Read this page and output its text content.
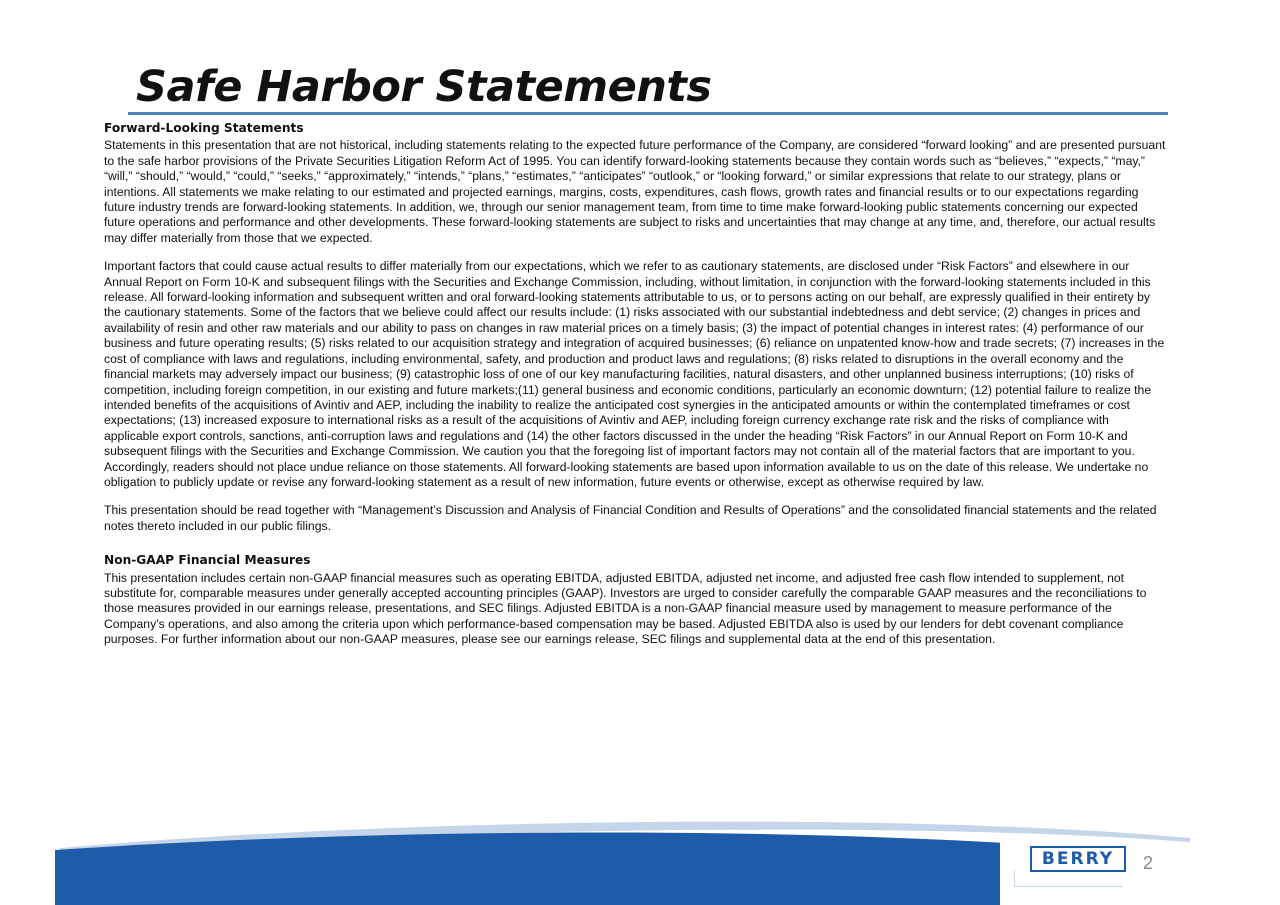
Safe Harbor Statements
Forward-Looking Statements

Statements in this presentation that are not historical, including statements relating to the expected future performance of the Company, are considered “forward looking” and are presented pursuant to the safe harbor provisions of the Private Securities Litigation Reform Act of 1995. You can identify forward-looking statements because they contain words such as “believes,” “expects,” “may,” “will,” “should,” “would,” “could,” “seeks,” “approximately,” “intends,” “plans,” “estimates,” “anticipates” “outlook,” or “looking forward,” or similar expressions that relate to our strategy, plans or intentions. All statements we make relating to our estimated and projected earnings, margins, costs, expenditures, cash flows, growth rates and financial results or to our expectations regarding future industry trends are forward-looking statements. In addition, we, through our senior management team, from time to time make forward-looking public statements concerning our expected future operations and performance and other developments. These forward-looking statements are subject to risks and uncertainties that may change at any time, and, therefore, our actual results may differ materially from those that we expected.

Important factors that could cause actual results to differ materially from our expectations, which we refer to as cautionary statements, are disclosed under “Risk Factors” and elsewhere in our Annual Report on Form 10-K and subsequent filings with the Securities and Exchange Commission, including, without limitation, in conjunction with the forward-looking statements included in this release. All forward-looking information and subsequent written and oral forward-looking statements attributable to us, or to persons acting on our behalf, are expressly qualified in their entirety by the cautionary statements. Some of the factors that we believe could affect our results include: (1) risks associated with our substantial indebtedness and debt service; (2) changes in prices and availability of resin and other raw materials and our ability to pass on changes in raw material prices on a timely basis; (3) the impact of potential changes in interest rates: (4) performance of our business and future operating results; (5) risks related to our acquisition strategy and integration of acquired businesses; (6) reliance on unpatented know-how and trade secrets; (7) increases in the cost of compliance with laws and regulations, including environmental, safety, and production and product laws and regulations; (8) risks related to disruptions in the overall economy and the financial markets may adversely impact our business; (9) catastrophic loss of one of our key manufacturing facilities, natural disasters, and other unplanned business interruptions; (10) risks of competition, including foreign competition, in our existing and future markets;(11) general business and economic conditions, particularly an economic downturn; (12) potential failure to realize the intended benefits of the acquisitions of Avintiv and AEP, including the inability to realize the anticipated cost synergies in the anticipated amounts or within the contemplated timeframes or cost expectations; (13) increased exposure to international risks as a result of the acquisitions of Avintiv and AEP, including foreign currency exchange rate risk and the risks of compliance with applicable export controls, sanctions, anti-corruption laws and regulations and (14) the other factors discussed in the under the heading “Risk Factors” in our Annual Report on Form 10-K and subsequent filings with the Securities and Exchange Commission. We caution you that the foregoing list of important factors may not contain all of the material factors that are important to you. Accordingly, readers should not place undue reliance on those statements. All forward-looking statements are based upon information available to us on the date of this release. We undertake no obligation to publicly update or revise any forward-looking statement as a result of new information, future events or otherwise, except as otherwise required by law.

This presentation should be read together with “Management’s Discussion and Analysis of Financial Condition and Results of Operations” and the consolidated financial statements and the related notes thereto included in our public filings.

Non-GAAP Financial Measures

This presentation includes certain non-GAAP financial measures such as operating EBITDA, adjusted EBITDA, adjusted net income, and adjusted free cash flow intended to supplement, not substitute for, comparable measures under generally accepted accounting principles (GAAP). Investors are urged to consider carefully the comparable GAAP measures and the reconciliations to those measures provided in our earnings release, presentations, and SEC filings. Adjusted EBITDA is a non-GAAP financial measure used by management to measure performance of the Company’s operations, and also among the criteria upon which performance-based compensation may be based. Adjusted EBITDA also is used by our lenders for debt covenant compliance purposes. For further information about our non-GAAP measures, please see our earnings release, SEC filings and supplemental data at the end of this presentation.

BERRY	2
